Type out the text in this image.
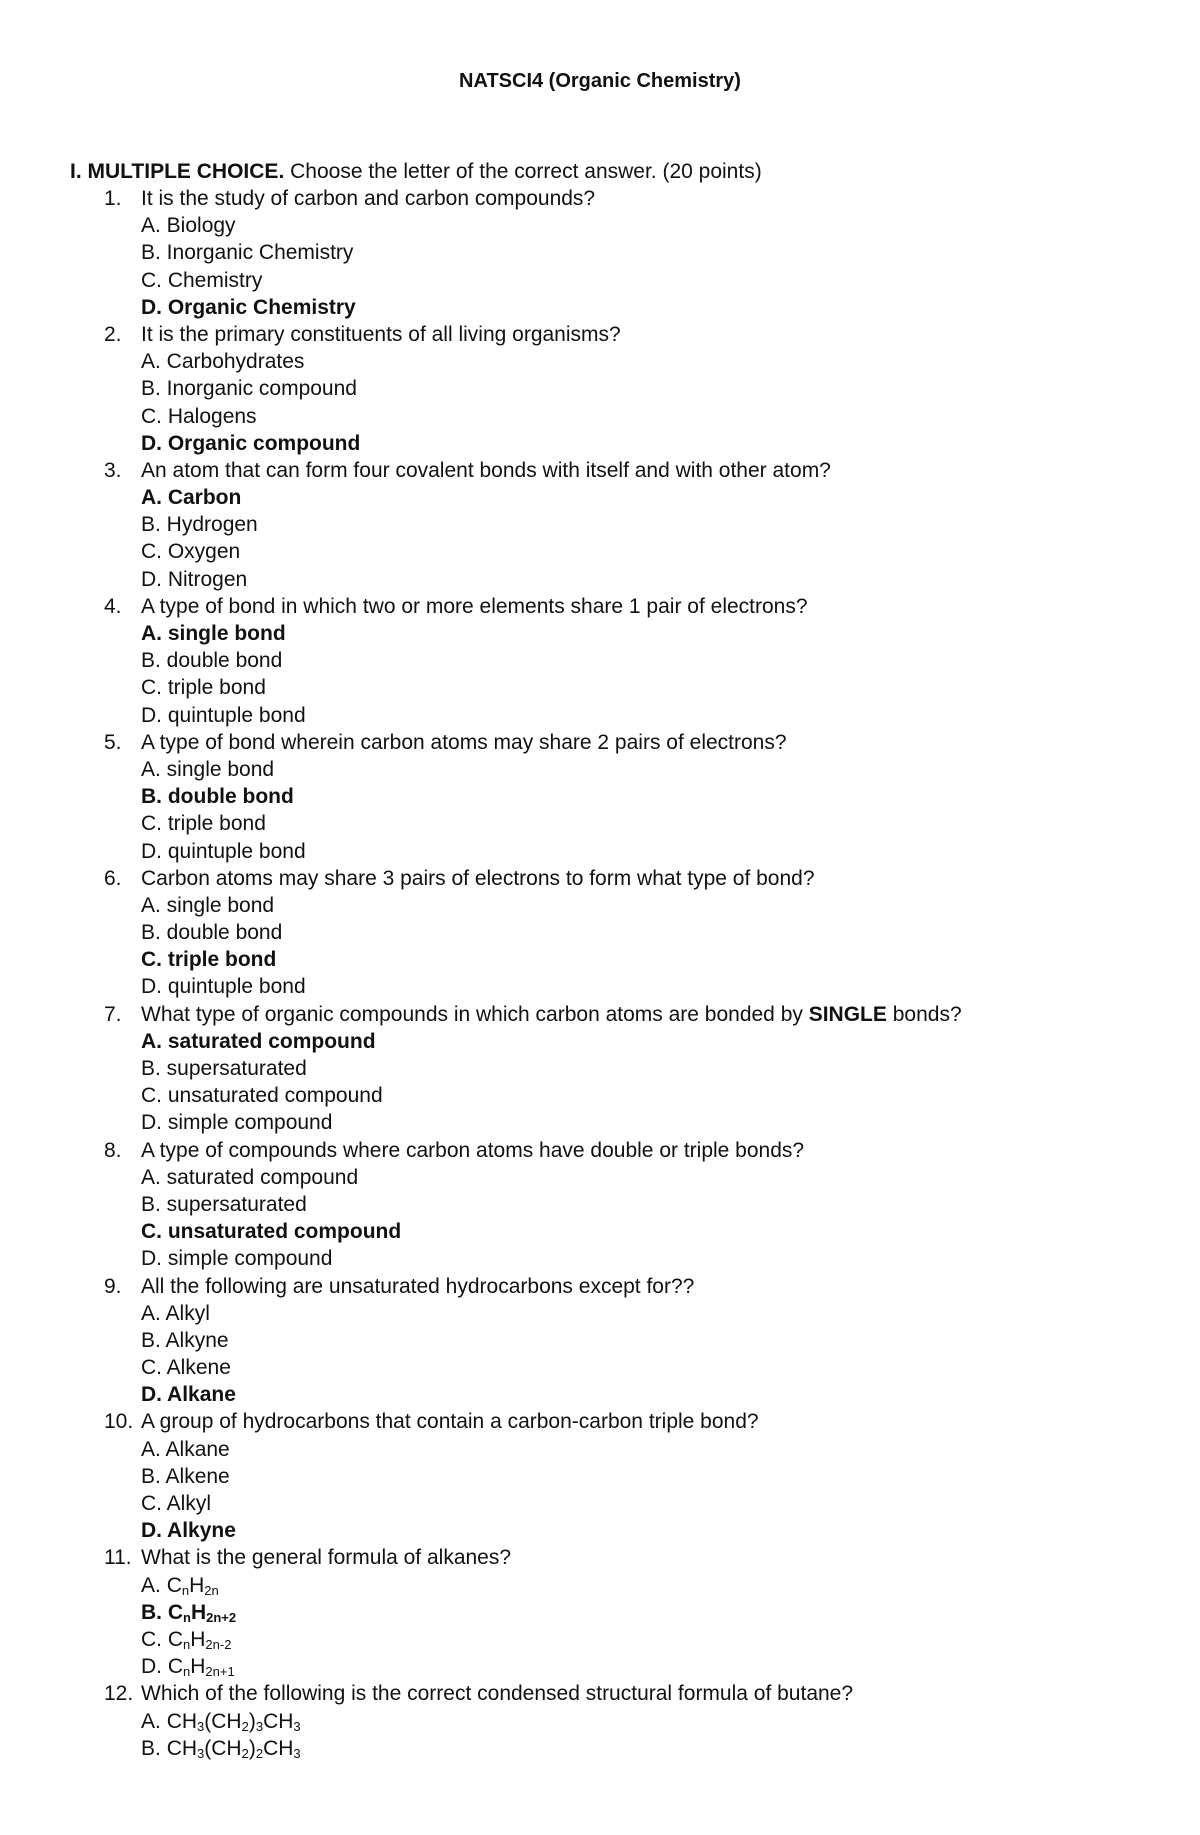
NATSCI4 (Organic Chemistry)
I. MULTIPLE CHOICE. Choose the letter of the correct answer. (20 points)
1. It is the study of carbon and carbon compounds?
A. Biology
B. Inorganic Chemistry
C. Chemistry
D. Organic Chemistry
2. It is the primary constituents of all living organisms?
A. Carbohydrates
B. Inorganic compound
C. Halogens
D. Organic compound
3. An atom that can form four covalent bonds with itself and with other atom?
A. Carbon
B. Hydrogen
C. Oxygen
D. Nitrogen
4. A type of bond in which two or more elements share 1 pair of electrons?
A. single bond
B. double bond
C. triple bond
D. quintuple bond
5. A type of bond wherein carbon atoms may share 2 pairs of electrons?
A. single bond
B. double bond
C. triple bond
D. quintuple bond
6. Carbon atoms may share 3 pairs of electrons to form what type of bond?
A. single bond
B. double bond
C. triple bond
D. quintuple bond
7. What type of organic compounds in which carbon atoms are bonded by SINGLE bonds?
A. saturated compound
B. supersaturated
C. unsaturated compound
D. simple compound
8. A type of compounds where carbon atoms have double or triple bonds?
A. saturated compound
B. supersaturated
C. unsaturated compound
D. simple compound
9. All the following are unsaturated hydrocarbons except for??
A. Alkyl
B. Alkyne
C. Alkene
D. Alkane
10. A group of hydrocarbons that contain a carbon-carbon triple bond?
A. Alkane
B. Alkene
C. Alkyl
D. Alkyne
11. What is the general formula of alkanes?
A. $C_nH_{2n}$
B. $C_nH_{2n+2}$
C. $C_nH_{2n-2}$
D. $C_nH_{2n+1}$
12. Which of the following is the correct condensed structural formula of butane?
A. $CH_3(CH_2)_3CH_3$
B. $CH_3(CH_2)_2CH_3$
